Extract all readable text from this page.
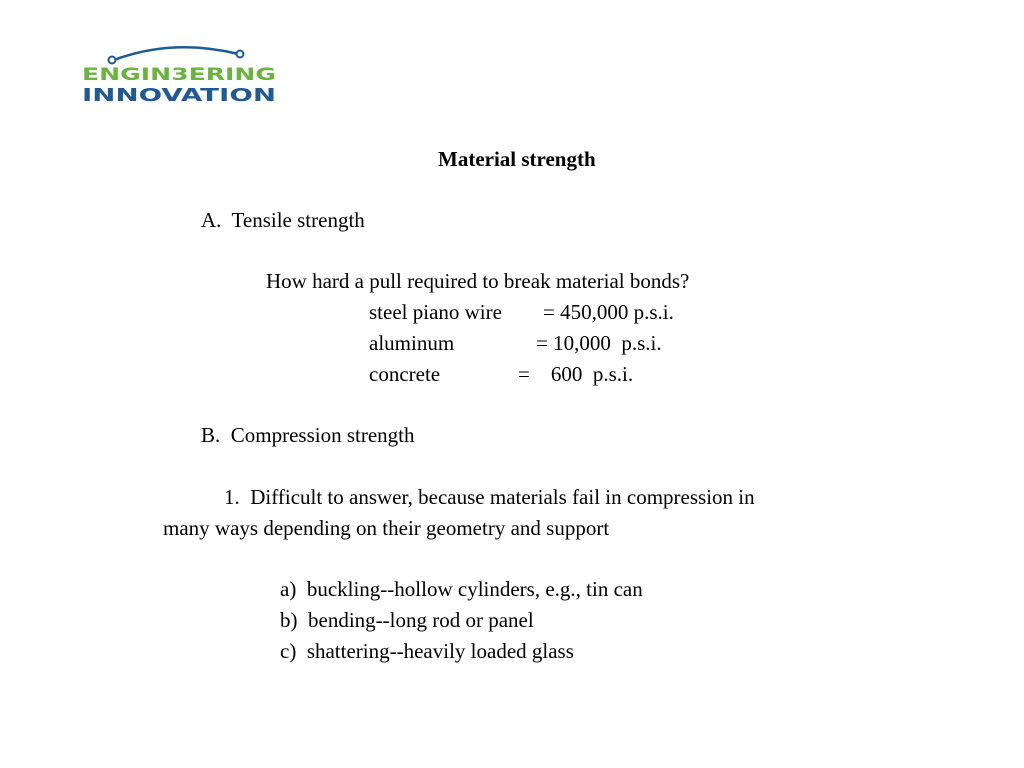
ENGIN3ERING
INNOVATION
Material strength
A.  Tensile strength
How hard a pull required to break material bonds?
steel piano wire = 450,000 p.s.i.
aluminum	= 10,000  p.s.i.
concrete	=    600  p.s.i.
B.  Compression strength
1.  Difficult to answer, because materials fail in compression in
many ways depending on their geometry and support
a)  buckling--hollow cylinders, e.g., tin can
b)  bending--long rod or panel
c)  shattering--heavily loaded glass
